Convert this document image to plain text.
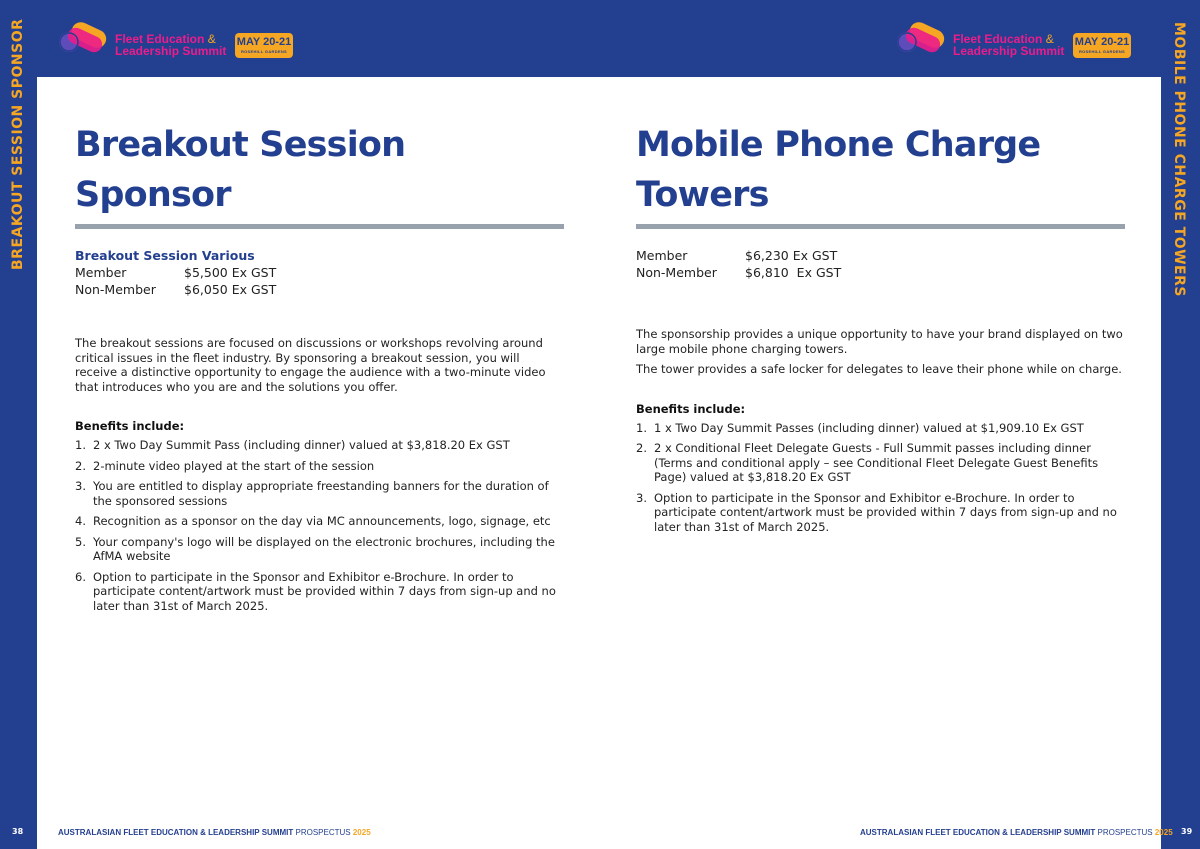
BREAKOUT SESSION SPONSOR
38
MOBILE PHONE CHARGE TOWERS
39
Fleet Education &
Leadership Summit
MAY 20-21
ROSEHILL GARDENS
Fleet Education &
Leadership Summit
MAY 20-21
ROSEHILL GARDENS
Breakout Session Sponsor
Breakout Session Various
Member	$5,500 Ex GST
Non-Member	$6,050 Ex GST

The breakout sessions are focused on discussions or workshops revolving around critical issues in the fleet industry. By sponsoring a breakout session, you will receive a distinctive opportunity to engage the audience with a two-minute video that introduces who you are and the solutions you offer.

Benefits include:
1. 2 x Two Day Summit Pass (including dinner) valued at $3,818.20 Ex GST
2. 2-minute video played at the start of the session
3. You are entitled to display appropriate freestanding banners for the duration of the sponsored sessions
4. Recognition as a sponsor on the day via MC announcements, logo, signage, etc
5. Your company's logo will be displayed on the electronic brochures, including the AfMA website
6. Option to participate in the Sponsor and Exhibitor e-Brochure. In order to participate content/artwork must be provided within 7 days from sign-up and no later than 31st of March 2025.
Mobile Phone Charge Towers
Member	$6,230 Ex GST
Non-Member	$6,810  Ex GST

The sponsorship provides a unique opportunity to have your brand displayed on two large mobile phone charging towers.

The tower provides a safe locker for delegates to leave their phone while on charge.

Benefits include:
1. 1 x Two Day Summit Passes (including dinner) valued at $1,909.10 Ex GST
2. 2 x Conditional Fleet Delegate Guests - Full Summit passes including dinner (Terms and conditional apply – see Conditional Fleet Delegate Guest Benefits Page) valued at $3,818.20 Ex GST
3. Option to participate in the Sponsor and Exhibitor e-Brochure. In order to participate content/artwork must be provided within 7 days from sign-up and no later than 31st of March 2025.
AUSTRALASIAN FLEET EDUCATION & LEADERSHIP SUMMIT PROSPECTUS 2025	AUSTRALASIAN FLEET EDUCATION & LEADERSHIP SUMMIT PROSPECTUS 2025
